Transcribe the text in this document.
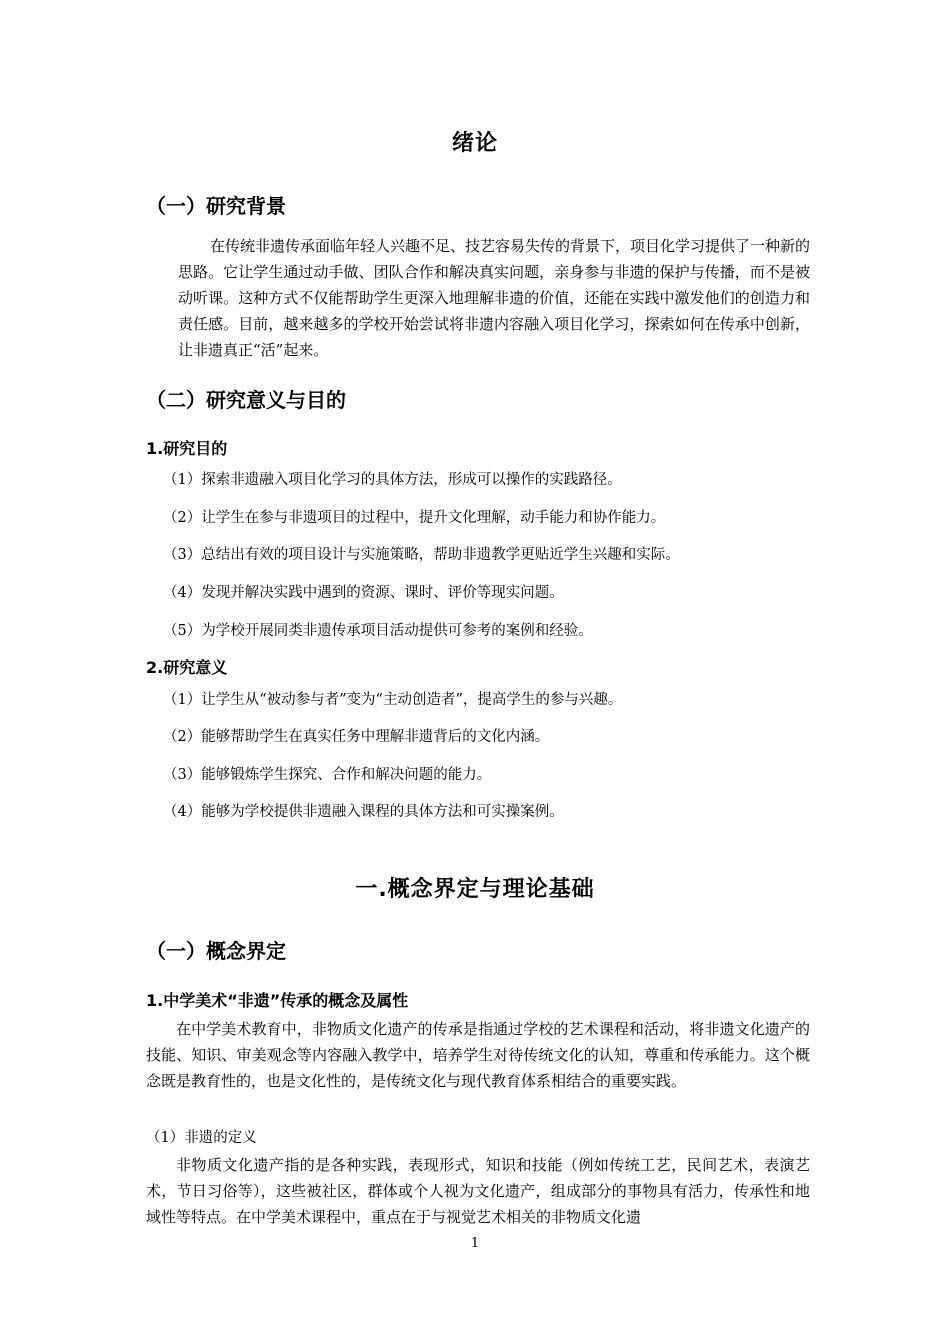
绪论
（一）研究背景

在传统非遗传承面临年轻人兴趣不足、技艺容易失传的背景下，项目化学习提供了一种新的思路。它让学生通过动手做、团队合作和解决真实问题，亲身参与非遗的保护与传播，而不是被动听课。这种方式不仅能帮助学生更深入地理解非遗的价值，还能在实践中激发他们的创造力和责任感。目前，越来越多的学校开始尝试将非遗内容融入项目化学习，探索如何在传承中创新，让非遗真正“活”起来。

（二）研究意义与目的
1.研究目的
（1）探索非遗融入项目化学习的具体方法，形成可以操作的实践路径。
（2）让学生在参与非遗项目的过程中，提升文化理解，动手能力和协作能力。
（3）总结出有效的项目设计与实施策略，帮助非遗教学更贴近学生兴趣和实际。
（4）发现并解决实践中遇到的资源、课时、评价等现实问题。
（5）为学校开展同类非遗传承项目活动提供可参考的案例和经验。
2.研究意义
（1）让学生从“被动参与者”变为“主动创造者”，提高学生的参与兴趣。
（2）能够帮助学生在真实任务中理解非遗背后的文化内涵。
（3）能够锻炼学生探究、合作和解决问题的能力。
（4）能够为学校提供非遗融入课程的具体方法和可实操案例。
一.概念界定与理论基础
（一）概念界定
1.中学美术“非遗”传承的概念及属性

在中学美术教育中，非物质文化遗产的传承是指通过学校的艺术课程和活动，将非遗文化遗产的技能、知识、审美观念等内容融入教学中，培养学生对待传统文化的认知，尊重和传承能力。这个概念既是教育性的，也是文化性的，是传统文化与现代教育体系相结合的重要实践。

（1）非遗的定义

非物质文化遗产指的是各种实践，表现形式，知识和技能（例如传统工艺，民间艺术，表演艺术，节日习俗等），这些被社区，群体或个人视为文化遗产，组成部分的事物具有活力，传承性和地域性等特点。在中学美术课程中，重点在于与视觉艺术相关的非物质文化遗

1
